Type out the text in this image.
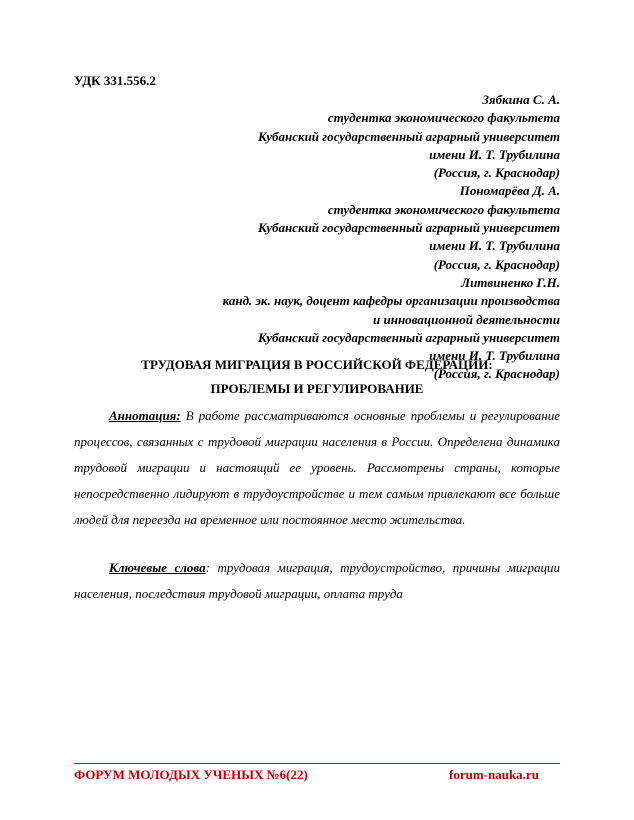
УДК 331.556.2
Зябкина С. А.
студентка экономического факультета
Кубанский государственный аграрный университет
имени И. Т. Трубилина
(Россия, г. Краснодар)
Пономарёва Д. А.
студентка экономического факультета
Кубанский государственный аграрный университет
имени И. Т. Трубилина
(Россия, г. Краснодар)
Литвиненко Г.Н.
канд. эк. наук, доцент кафедры организации производства
и инновационной деятельности
Кубанский государственный аграрный университет
имени И. Т. Трубилина
(Россия, г. Краснодар)
ТРУДОВАЯ МИГРАЦИЯ В РОССИЙСКОЙ ФЕДЕРАЦИИ:
ПРОБЛЕМЫ И РЕГУЛИРОВАНИЕ

Аннотация: В работе рассматриваются основные проблемы и регулирование процессов, связанных с трудовой миграции населения в России. Определена динамика трудовой миграции и настоящий ее уровень. Рассмотрены страны, которые непосредственно лидируют в трудоустройстве и тем самым привлекают все больше людей для переезда на временное или постоянное место жительства.

Ключевые слова: трудовая миграция, трудоустройство, причины миграции населения, последствия трудовой миграции, оплата труда

ФОРУМ МОЛОДЫХ УЧЕНЫХ №6(22)	forum-nauka.ru
